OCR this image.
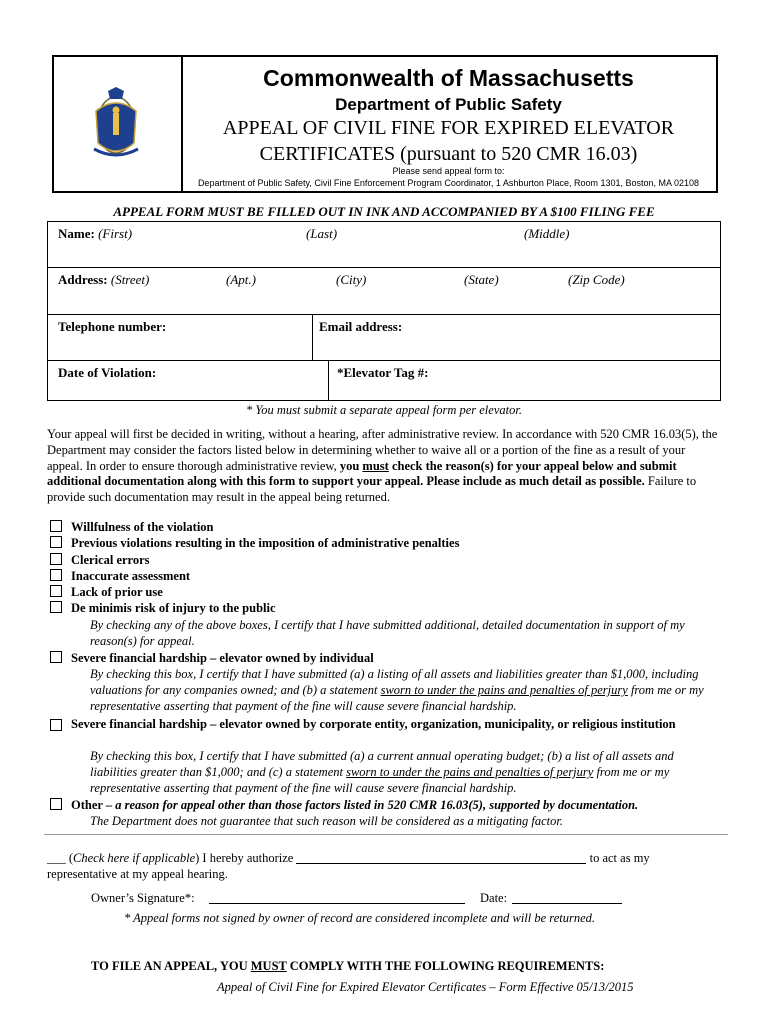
Commonwealth of Massachusetts
Department of Public Safety
APPEAL OF CIVIL FINE FOR EXPIRED ELEVATOR
CERTIFICATES (pursuant to 520 CMR 16.03)
Please send appeal form to:
Department of Public Safety, Civil Fine Enforcement Program Coordinator, 1 Ashburton Place, Room 1301, Boston, MA 02108
APPEAL FORM MUST BE FILLED OUT IN INK AND ACCOMPANIED BY A $100 FILING FEE
Name: (First)	(Last)	(Middle)
Address: (Street)	(Apt.)	(City)	(State)	(Zip Code)
Telephone number:	Email address:
Date of Violation:	*Elevator Tag #:
* You must submit a separate appeal form per elevator.
Your appeal will first be decided in writing, without a hearing, after administrative review. In accordance with 520 CMR 16.03(5), the Department may consider the factors listed below in determining whether to waive all or a portion of the fine as a result of your appeal. In order to ensure thorough administrative review, you must check the reason(s) for your appeal below and submit additional documentation along with this form to support your appeal. Please include as much detail as possible. Failure to provide such documentation may result in the appeal being returned.
Willfulness of the violation
Previous violations resulting in the imposition of administrative penalties
Clerical errors
Inaccurate assessment
Lack of prior use
De minimis risk of injury to the public
By checking any of the above boxes, I certify that I have submitted additional, detailed documentation in support of my reason(s) for appeal.
Severe financial hardship – elevator owned by individual
By checking this box, I certify that I have submitted (a) a listing of all assets and liabilities greater than $1,000, including valuations for any companies owned; and (b) a statement sworn to under the pains and penalties of perjury from me or my representative asserting that payment of the fine will cause severe financial hardship.
Severe financial hardship – elevator owned by corporate entity, organization, municipality, or religious institution
By checking this box, I certify that I have submitted (a) a current annual operating budget; (b) a list of all assets and liabilities greater than $1,000; and (c) a statement sworn to under the pains and penalties of perjury from me or my representative asserting that payment of the fine will cause severe financial hardship.
Other – a reason for appeal other than those factors listed in 520 CMR 16.03(5), supported by documentation.
The Department does not guarantee that such reason will be considered as a mitigating factor.
___ (Check here if applicable) I hereby authorize	to act as my
representative at my appeal hearing.
Owner’s Signature*:	Date:
* Appeal forms not signed by owner of record are considered incomplete and will be returned.
TO FILE AN APPEAL, YOU MUST COMPLY WITH THE FOLLOWING REQUIREMENTS:
Appeal of Civil Fine for Expired Elevator Certificates – Form Effective 05/13/2015
